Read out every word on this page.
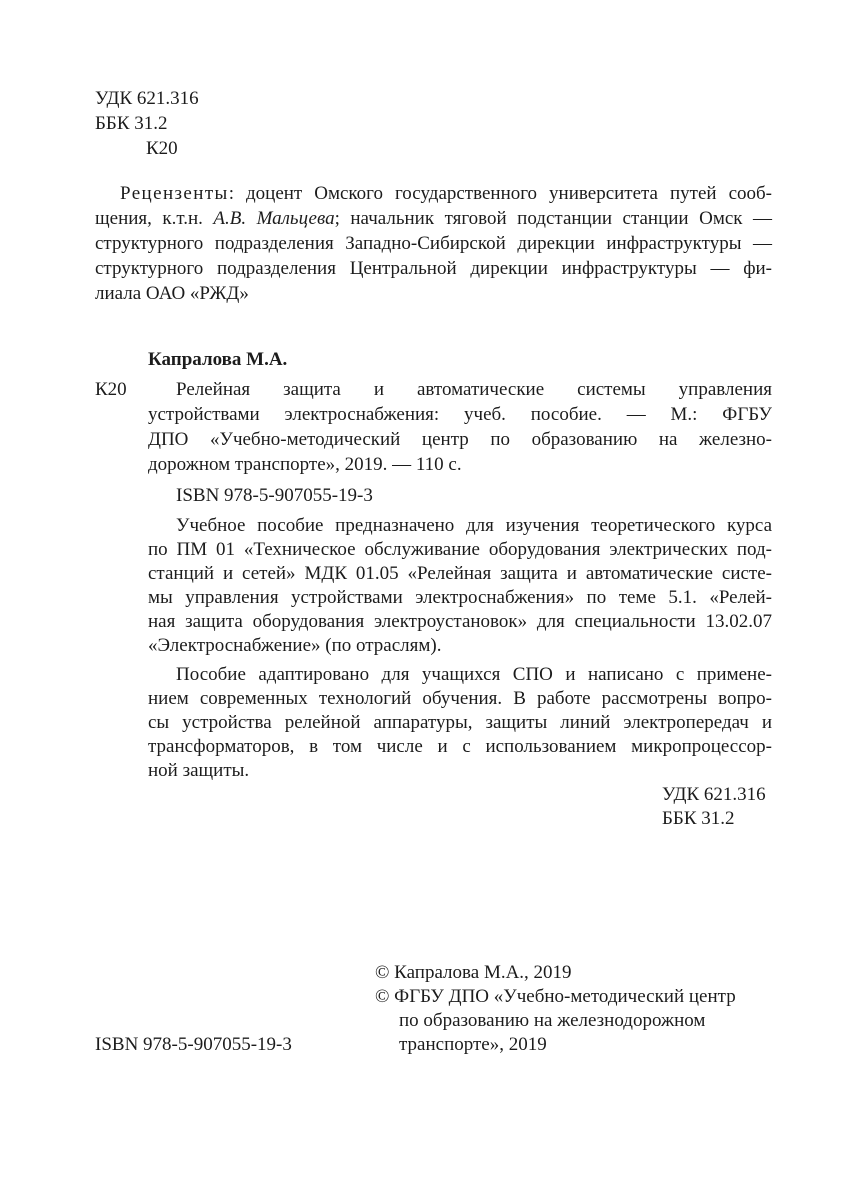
УДК 621.316
ББК 31.2
К20
Рецензенты: доцент Омского государственного университета путей сооб-
щения, к.т.н. А.В. Мальцева; начальник тяговой подстанции станции Омск —
структурного подразделения Западно-Сибирской дирекции инфраструктуры —
структурного подразделения Центральной дирекции инфраструктуры — фи-
лиала ОАО «РЖД»
Капралова М.А.
К20	Релейная защита и автоматические системы управления
устройствами электроснабжения: учеб. пособие. — М.: ФГБУ
ДПО «Учебно-методический центр по образованию на железно-
дорожном транспорте», 2019. — 110 с.
ISBN 978-5-907055-19-3
Учебное пособие предназначено для изучения теоретического курса
по ПМ 01 «Техническое обслуживание оборудования электрических под-
станций и сетей» МДК 01.05 «Релейная защита и автоматические систе-
мы управления устройствами электроснабжения» по теме 5.1. «Релей-
ная защита оборудования электроустановок» для специальности 13.02.07
«Электроснабжение» (по отраслям).
Пособие адаптировано для учащихся СПО и написано с примене-
нием современных технологий обучения. В работе рассмотрены вопро-
сы устройства релейной аппаратуры, защиты линий электропередач и
трансформаторов, в том числе и с использованием микропроцессор-
ной защиты.
УДК 621.316
ББК 31.2
© Капралова М.А., 2019
© ФГБУ ДПО «Учебно-методический центр
по образованию на железнодорожном
транспорте», 2019
ISBN 978-5-907055-19-3
